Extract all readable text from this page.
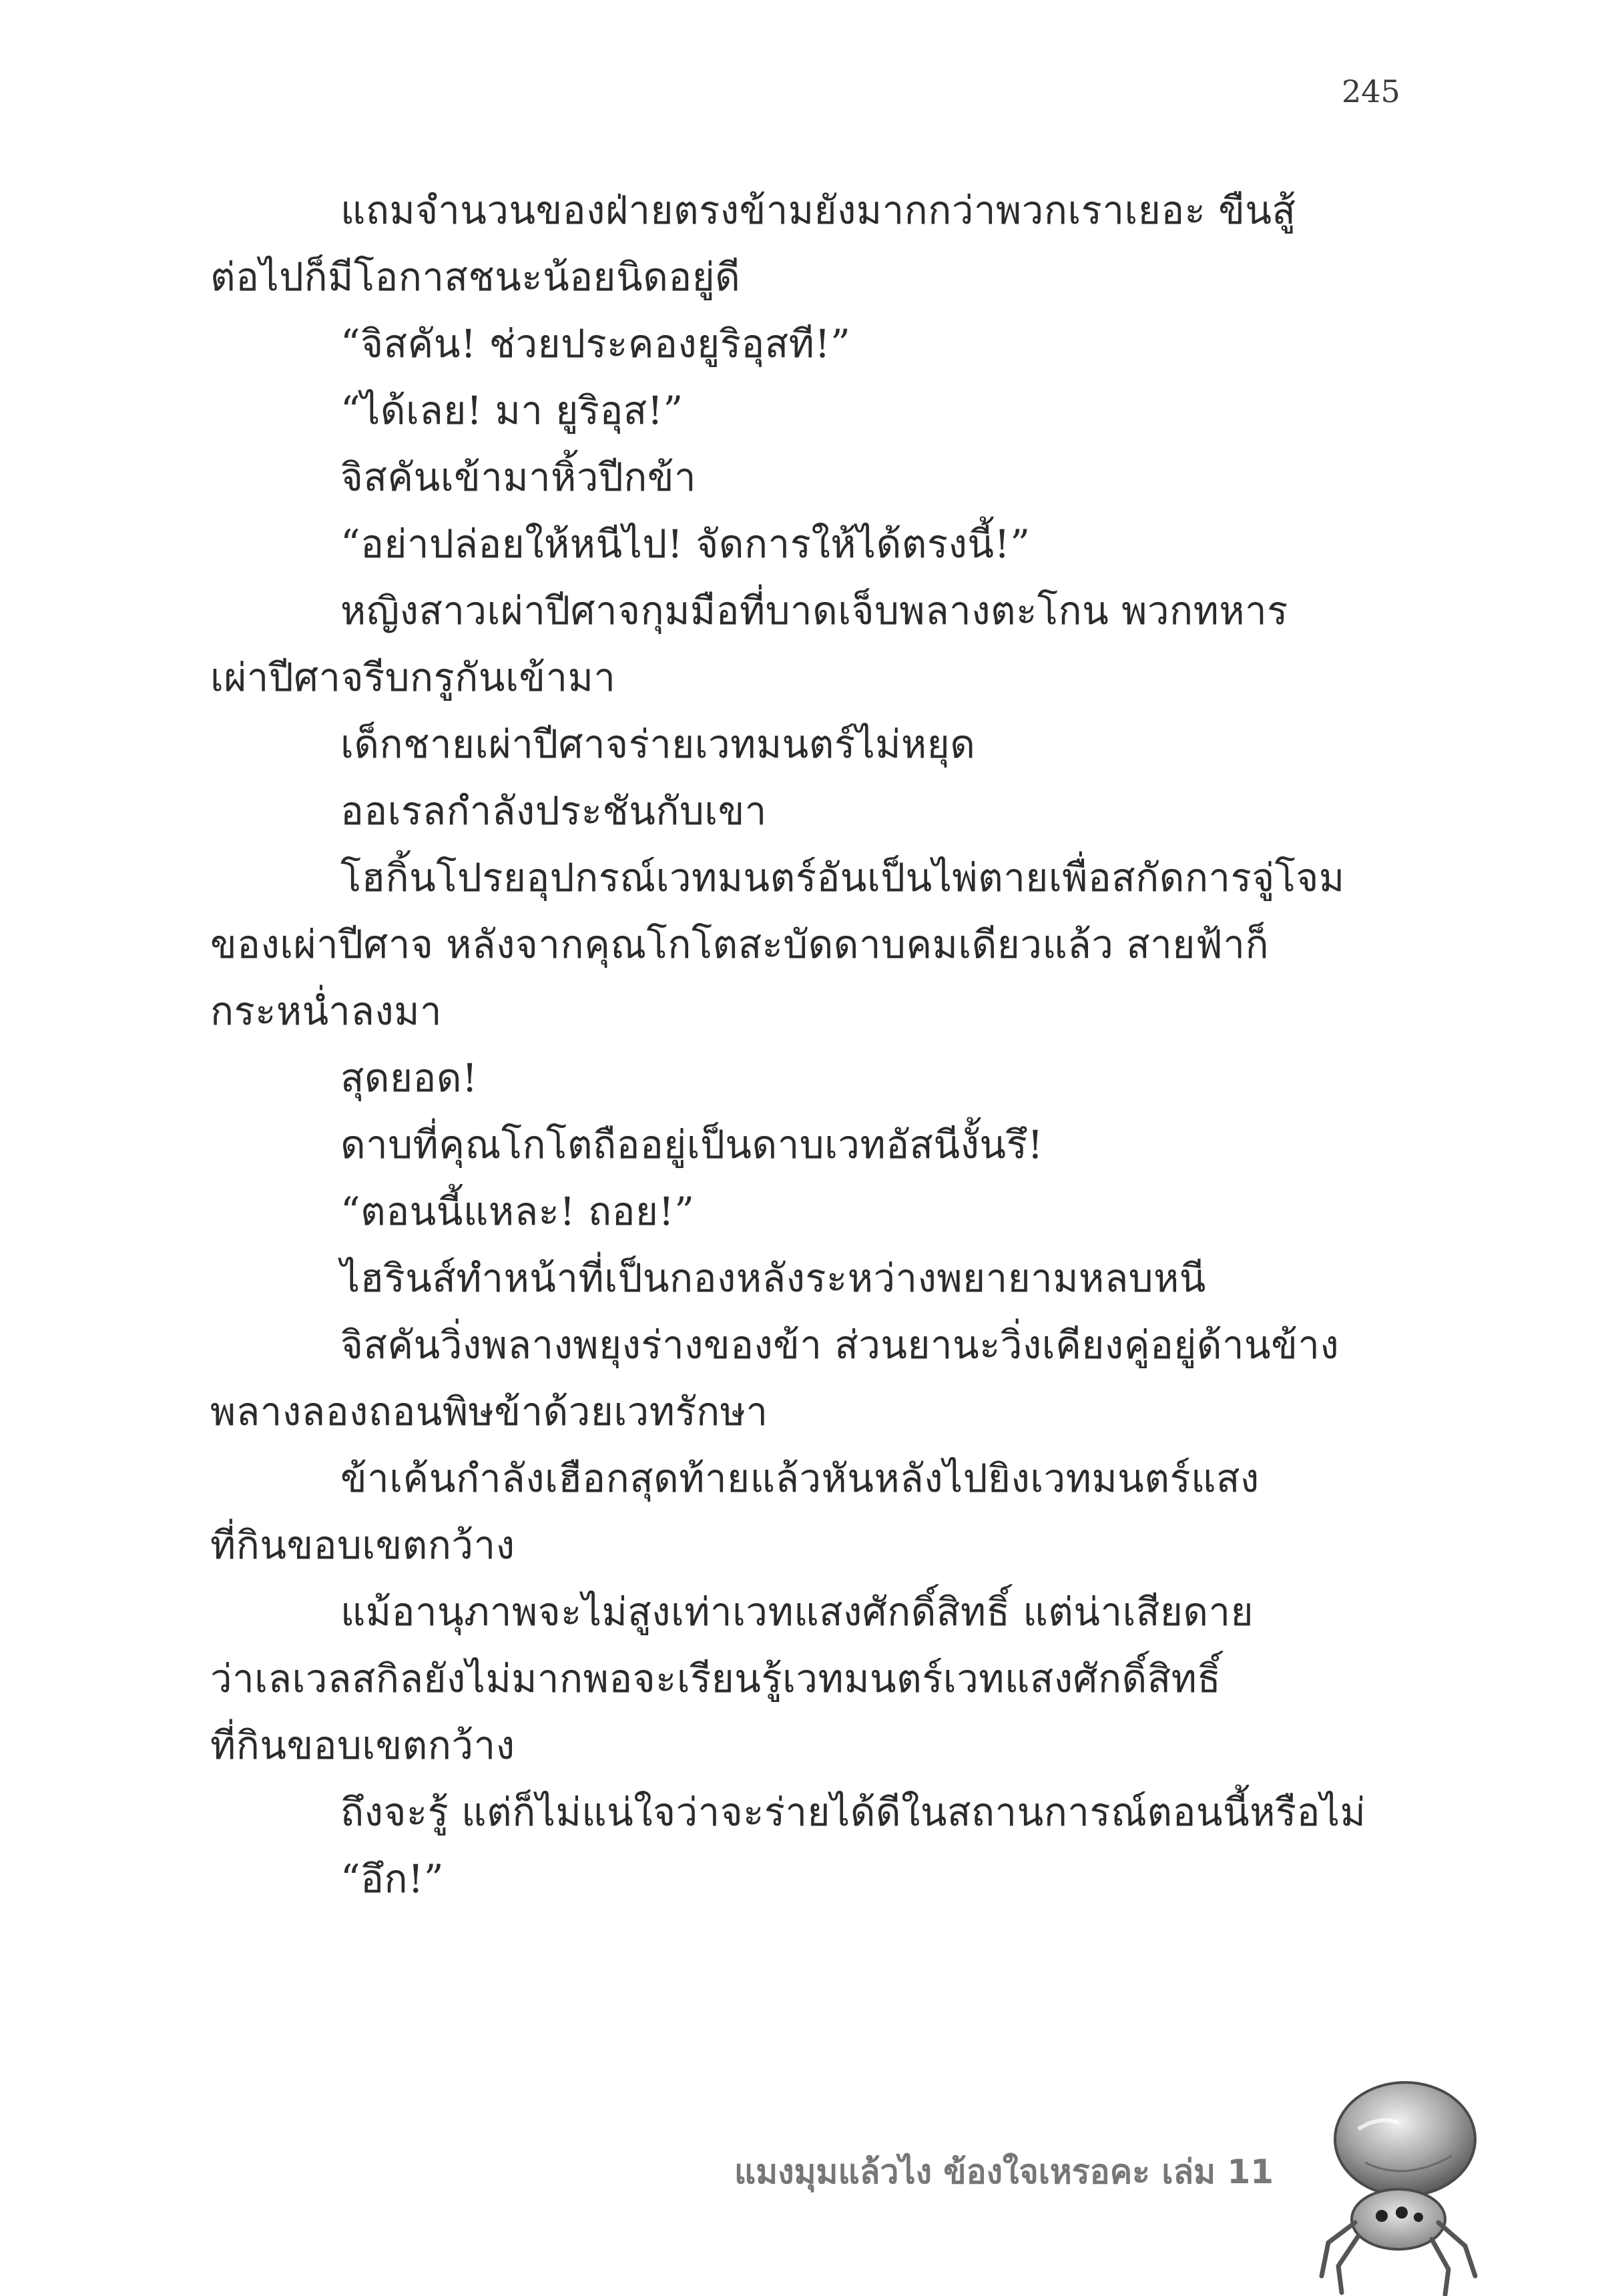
245
แถมจำนวนของฝ่ายตรงข้ามยังมากกว่าพวกเราเยอะ ขืนสู้
ต่อไปก็มีโอกาสชนะน้อยนิดอยู่ดี
“จิสคัน! ช่วยประคองยูริอุสที!”
“ได้เลย! มา ยูริอุส!”
จิสคันเข้ามาหิ้วปีกข้า
“อย่าปล่อยให้หนีไป! จัดการให้ได้ตรงนี้!”
หญิงสาวเผ่าปีศาจกุมมือที่บาดเจ็บพลางตะโกน พวกทหาร
เผ่าปีศาจรีบกรูกันเข้ามา
เด็กชายเผ่าปีศาจร่ายเวทมนตร์ไม่หยุด
ออเรลกำลังประชันกับเขา
โฮกิ้นโปรยอุปกรณ์เวทมนตร์อันเป็นไพ่ตายเพื่อสกัดการจู่โจม
ของเผ่าปีศาจ หลังจากคุณโกโตสะบัดดาบคมเดียวแล้ว สายฟ้าก็
กระหน่ำลงมา
สุดยอด!
ดาบที่คุณโกโตถืออยู่เป็นดาบเวทอัสนีงั้นรึ!
“ตอนนี้แหละ! ถอย!”
ไฮรินส์ทำหน้าที่เป็นกองหลังระหว่างพยายามหลบหนี
จิสคันวิ่งพลางพยุงร่างของข้า ส่วนยานะวิ่งเคียงคู่อยู่ด้านข้าง
พลางลองถอนพิษข้าด้วยเวทรักษา
ข้าเค้นกำลังเฮือกสุดท้ายแล้วหันหลังไปยิงเวทมนตร์แสง
ที่กินขอบเขตกว้าง
แม้อานุภาพจะไม่สูงเท่าเวทแสงศักดิ์สิทธิ์ แต่น่าเสียดาย
ว่าเลเวลสกิลยังไม่มากพอจะเรียนรู้เวทมนตร์เวทแสงศักดิ์สิทธิ์
ที่กินขอบเขตกว้าง
ถึงจะรู้ แต่ก็ไม่แน่ใจว่าจะร่ายได้ดีในสถานการณ์ตอนนี้หรือไม่
“อึก!”
แมงมุมแล้วไง ข้องใจเหรอคะ เล่ม 11
